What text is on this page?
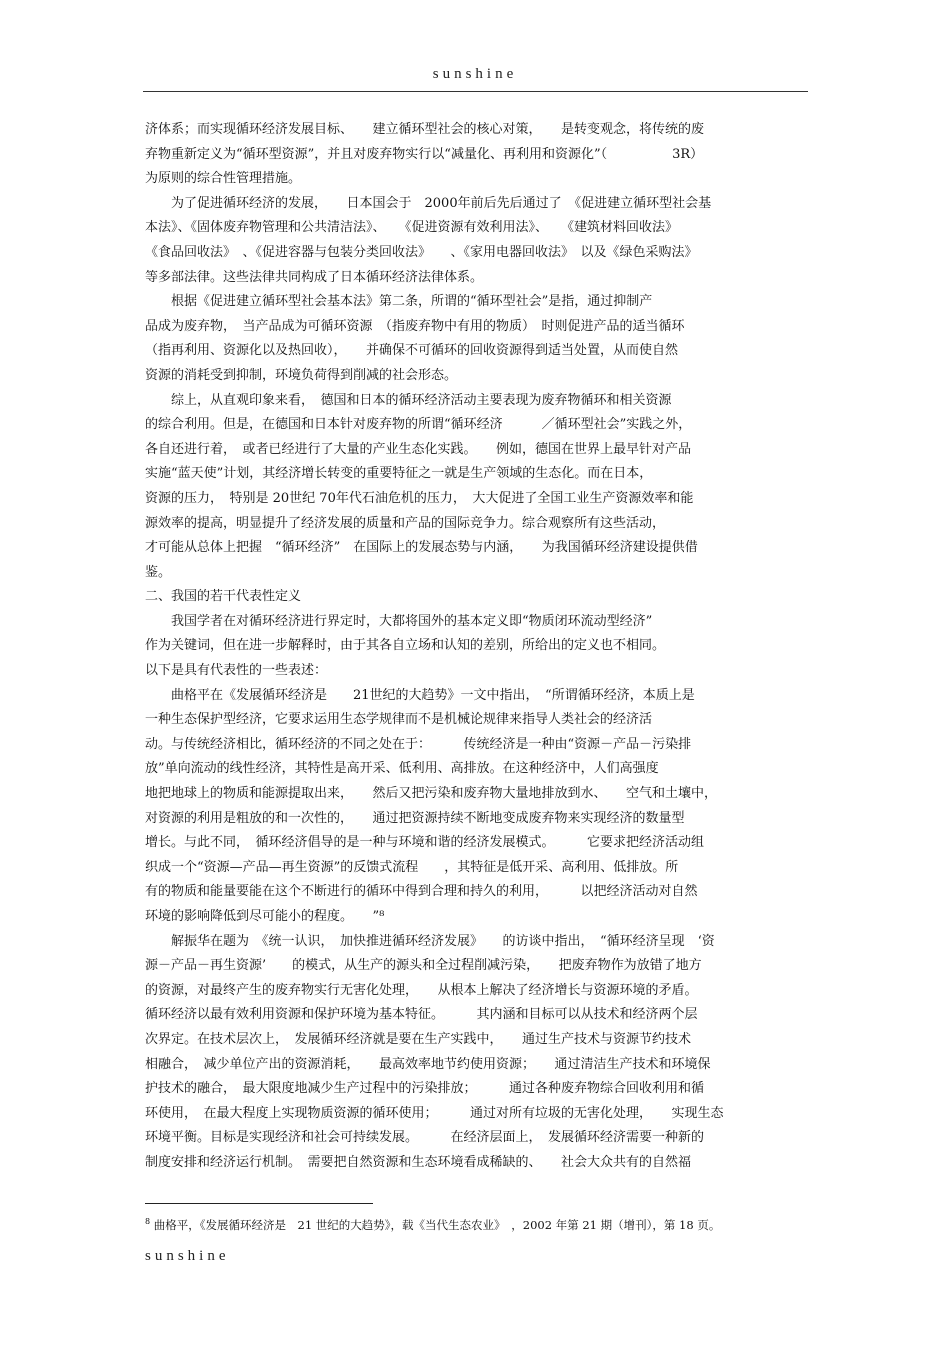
sunshine
济体系；而实现循环经济发展目标、　　建立循环型社会的核心对策，　　是转变观念，将传统的废
弃物重新定义为“循环型资源”，并且对废弃物实行以“减量化、再利用和资源化”（　　　　　3R）
为原则的综合性管理措施。
　　为了促进循环经济的发展，　　日本国会于　2000年前后先后通过了　《促进建立循环型社会基
本法》、《固体废弃物管理和公共清洁法》、　　《促进资源有效利用法》、　　《建筑材料回收法》
《食品回收法》　、《促进容器与包装分类回收法》　　、《家用电器回收法》　以及《绿色采购法》
等多部法律。这些法律共同构成了日本循环经济法律体系。
　　根据《促进建立循环型社会基本法》第二条，所谓的“循环型社会”是指，通过抑制产
品成为废弃物，　当产品成为可循环资源　（指废弃物中有用的物质）　时则促进产品的适当循环
（指再利用、资源化以及热回收），　　并确保不可循环的回收资源得到适当处置，从而使自然
资源的消耗受到抑制，环境负荷得到削减的社会形态。
　　综上，从直观印象来看，　德国和日本的循环经济活动主要表现为废弃物循环和相关资源
的综合利用。但是，在德国和日本针对废弃物的所谓“循环经济　　　／循环型社会”实践之外，
各自还进行着，　或者已经进行了大量的产业生态化实践。　　例如，德国在世界上最早针对产品
实施“蓝天使”计划，其经济增长转变的重要特征之一就是生产领域的生态化。而在日本，
资源的压力，　特别是 20世纪 70年代石油危机的压力，　大大促进了全国工业生产资源效率和能
源效率的提高，明显提升了经济发展的质量和产品的国际竞争力。综合观察所有这些活动，
才可能从总体上把握　“循环经济”　在国际上的发展态势与内涵，　　为我国循环经济建设提供借
鉴。
二、我国的若干代表性定义
　　我国学者在对循环经济进行界定时，大都将国外的基本定义即“物质闭环流动型经济”
作为关键词，但在进一步解释时，由于其各自立场和认知的差别，所给出的定义也不相同。
以下是具有代表性的一些表述：
　　曲格平在《发展循环经济是　　21世纪的大趋势》一文中指出，　“所谓循环经济，本质上是
一种生态保护型经济，它要求运用生态学规律而不是机械论规律来指导人类社会的经济活
动。与传统经济相比，循环经济的不同之处在于：　　　传统经济是一种由“资源－产品－污染排
放”单向流动的线性经济，其特性是高开采、低利用、高排放。在这种经济中，人们高强度
地把地球上的物质和能源提取出来，　　然后又把污染和废弃物大量地排放到水、　　空气和土壤中，
对资源的利用是粗放的和一次性的，　　通过把资源持续不断地变成废弃物来实现经济的数量型
增长。与此不同，　循环经济倡导的是一种与环境和谐的经济发展模式。　　　它要求把经济活动组
织成一个“资源—产品—再生资源”的反馈式流程　　，其特征是低开采、高利用、低排放。所
有的物质和能量要能在这个不断进行的循环中得到合理和持久的利用，　　　以把经济活动对自然
环境的影响降低到尽可能小的程度。　　”⁸
　　解振华在题为　《统一认识，　加快推进循环经济发展》　　的访谈中指出，　“循环经济呈现　‘资
源－产品－再生资源’　　的模式，从生产的源头和全过程削减污染，　　把废弃物作为放错了地方
的资源，对最终产生的废弃物实行无害化处理，　　从根本上解决了经济增长与资源环境的矛盾。
循环经济以最有效利用资源和保护环境为基本特征。　　　其内涵和目标可以从技术和经济两个层
次界定。在技术层次上，　发展循环经济就是要在生产实践中，　　通过生产技术与资源节约技术
相融合，　减少单位产出的资源消耗，　　最高效率地节约使用资源；　　通过清洁生产技术和环境保
护技术的融合，　最大限度地减少生产过程中的污染排放；　　　通过各种废弃物综合回收利用和循
环使用，　在最大程度上实现物质资源的循环使用；　　　通过对所有垃圾的无害化处理，　　实现生态
环境平衡。目标是实现经济和社会可持续发展。　　　在经济层面上，　发展循环经济需要一种新的
制度安排和经济运行机制。　需要把自然资源和生态环境看成稀缺的、　　社会大众共有的自然福
$^8$ 曲格平，《发展循环经济是　21 世纪的大趋势》，载《当代生态农业》　，2002 年第 21 期（增刊），第 18 页。
sunshine
